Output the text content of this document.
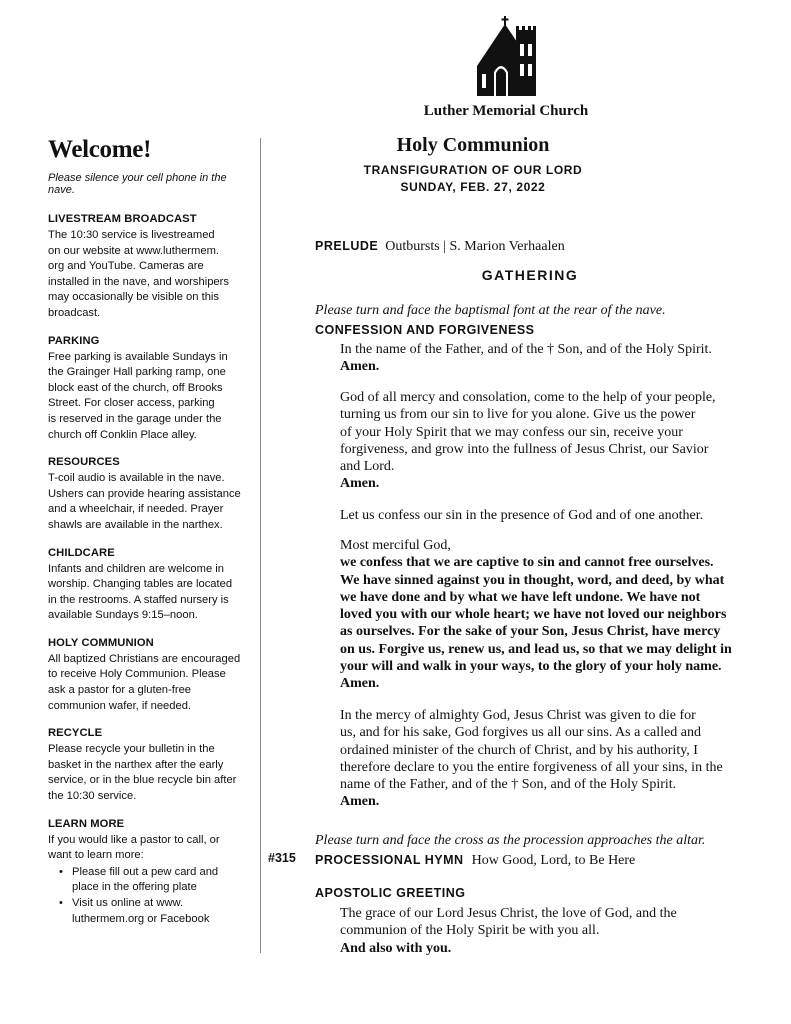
Luther Memorial Church
Welcome!

Please silence your cell phone in the nave.

LIVESTREAM BROADCAST

The 10:30 service is livestreamed
on our website at www.luthermem.
org and YouTube. Cameras are
installed in the nave, and worshipers
may occasionally be visible on this
broadcast.

PARKING

Free parking is available Sundays in
the Grainger Hall parking ramp, one
block east of the church, off Brooks
Street. For closer access, parking
is reserved in the garage under the
church off Conklin Place alley.

RESOURCES

T-coil audio is available in the nave.
Ushers can provide hearing assistance
and a wheelchair, if needed. Prayer
shawls are available in the narthex.

CHILDCARE

Infants and children are welcome in
worship. Changing tables are located
in the restrooms. A staffed nursery is
available Sundays 9:15–noon.

HOLY COMMUNION

All baptized Christians are encouraged
to receive Holy Communion. Please
ask a pastor for a gluten-free
communion wafer, if needed.

RECYCLE

Please recycle your bulletin in the
basket in the narthex after the early
service, or in the blue recycle bin after
the 10:30 service.

LEARN MORE

If you would like a pastor to call, or
want to learn more:

• Please fill out a pew card and
place in the offering plate
• Visit us online at www.
luthermem.org or Facebook
Holy Communion

TRANSFIGURATION OF OUR LORD

SUNDAY, FEB. 27, 2022

PRELUDE Outbursts | S. Marion Verhaalen
GATHERING

Please turn and face the baptismal font at the rear of the nave.

CONFESSION AND FORGIVENESS

In the name of the Father, and of the † Son, and of the Holy Spirit.

Amen.

God of all mercy and consolation, come to the help of your people,
turning us from our sin to live for you alone. Give us the power
of your Holy Spirit that we may confess our sin, receive your
forgiveness, and grow into the fullness of Jesus Christ, our Savior
and Lord.

Amen.

Let us confess our sin in the presence of God and of one another.

Most merciful God,

we confess that we are captive to sin and cannot free ourselves.
We have sinned against you in thought, word, and deed, by what
we have done and by what we have left undone. We have not
loved you with our whole heart; we have not loved our neighbors
as ourselves. For the sake of your Son, Jesus Christ, have mercy
on us. Forgive us, renew us, and lead us, so that we may delight in
your will and walk in your ways, to the glory of your holy name.

Amen.

In the mercy of almighty God, Jesus Christ was given to die for
us, and for his sake, God forgives us all our sins. As a called and
ordained minister of the church of Christ, and by his authority, I
therefore declare to you the entire forgiveness of all your sins, in the
name of the Father, and of the † Son, and of the Holy Spirit.

Amen.

Please turn and face the cross as the procession approaches the altar.

PROCESSIONAL HYMN How Good, Lord, to Be Here

APOSTOLIC GREETING

The grace of our Lord Jesus Christ, the love of God, and the
communion of the Holy Spirit be with you all.

And also with you.

#315
